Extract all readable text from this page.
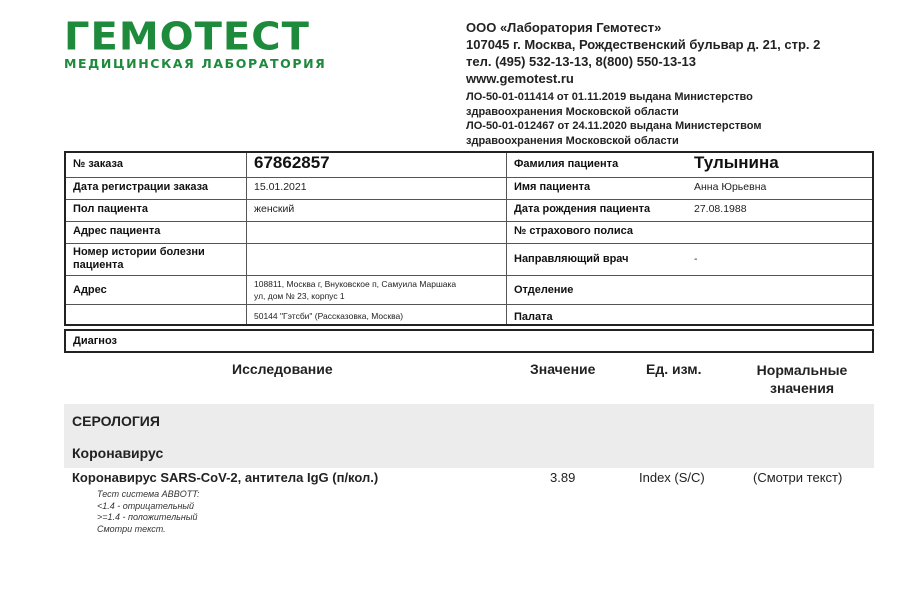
ГЕМОТЕСТ
МЕДИЦИНСКАЯ ЛАБОРАТОРИЯ
ООО «Лаборатория Гемотест»
107045 г. Москва, Рождественский бульвар д. 21, стр. 2
тел. (495) 532-13-13, 8(800) 550-13-13
www.gemotest.ru
ЛО-50-01-011414 от 01.11.2019 выдана Министерство
здравоохранения Московской области
ЛО-50-01-012467 от 24.11.2020 выдана Министерством
здравоохранения Московской области
№ заказа	67862857
Дата регистрации заказа	15.01.2021
Пол пациента	женский
Адрес пациента
Номер истории болезни
пациента
Адрес	108811, Москва г, Внуковское п, Самуила Маршака
ул, дом № 23, корпус 1
50144 "Гэтсби" (Рассказовка, Москва)
Фамилия пациента	Тулынина
Имя пациента	Анна Юрьевна
Дата рождения пациента	27.08.1988
№ страхового полиса
Направляющий врач	-
Отделение
Палата
Диагноз
Исследование	Значение	Ед. изм.	Нормальные
значения
СЕРОЛОГИЯ
Коронавирус
Коронавирус SARS-CoV-2, антитела IgG (п/кол.)	3.89	Index (S/C)	(Смотри текст)
Тест система ABBOTT:
<1.4 - отрицательный
>=1.4 - положительный
Смотри текст.
